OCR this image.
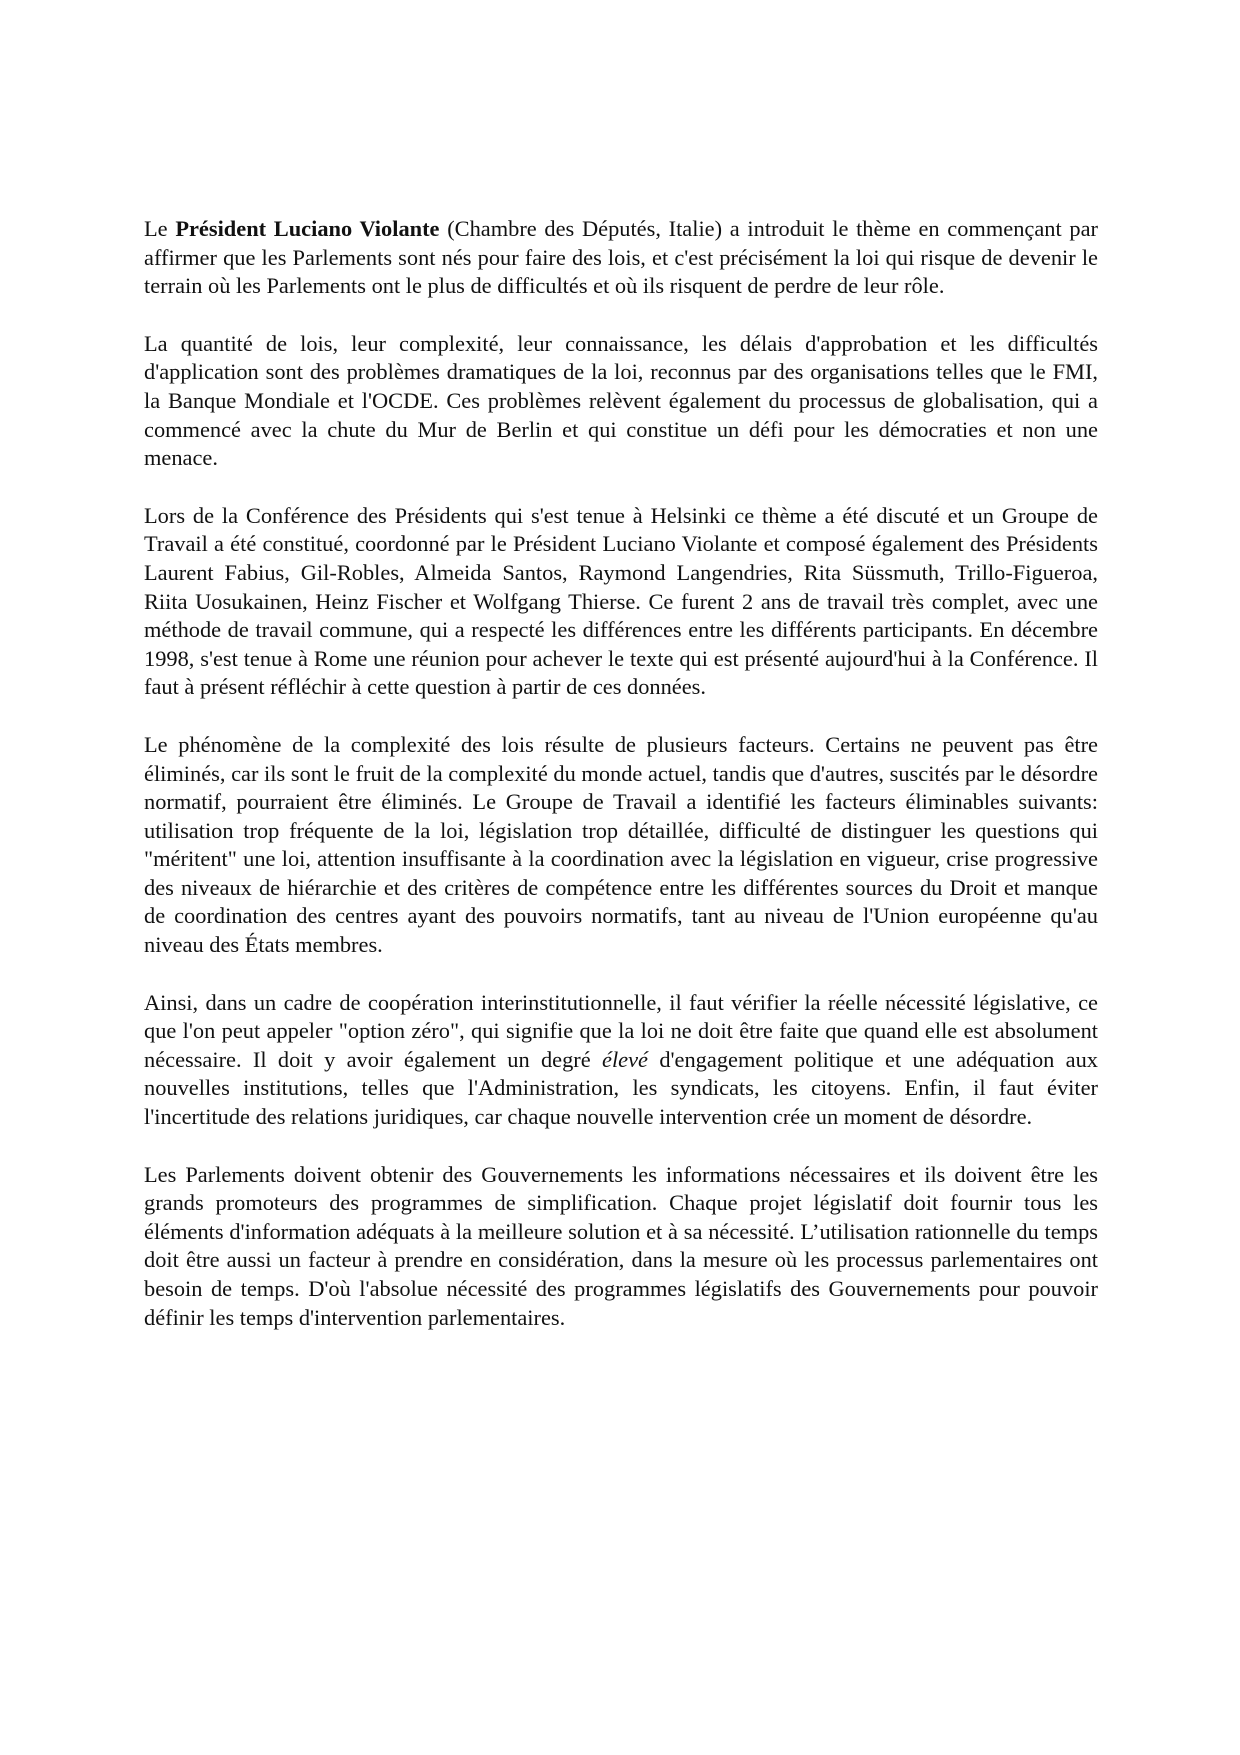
Le Président Luciano Violante (Chambre des Députés, Italie) a introduit le thème en commençant par affirmer que les Parlements sont nés pour faire des lois, et c'est précisément la loi qui risque de devenir le terrain où les Parlements ont le plus de difficultés et où ils risquent de perdre de leur rôle.

La quantité de lois, leur complexité, leur connaissance, les délais d'approbation et les difficultés d'application sont des problèmes dramatiques de la loi, reconnus par des organisations telles que le FMI, la Banque Mondiale et l'OCDE. Ces problèmes relèvent également du processus de globalisation, qui a commencé avec la chute du Mur de Berlin et qui constitue un défi pour les démocraties et non une menace.

Lors de la Conférence des Présidents qui s'est tenue à Helsinki ce thème a été discuté et un Groupe de Travail a été constitué, coordonné par le Président Luciano Violante et composé également des Présidents Laurent Fabius, Gil-Robles, Almeida Santos, Raymond Langendries, Rita Süssmuth, Trillo-Figueroa, Riita Uosukainen, Heinz Fischer et Wolfgang Thierse. Ce furent 2 ans de travail très complet, avec une méthode de travail commune, qui a respecté les différences entre les différents participants. En décembre 1998, s'est tenue à Rome une réunion pour achever le texte qui est présenté aujourd'hui à la Conférence. Il faut à présent réfléchir à cette question à partir de ces données.

Le phénomène de la complexité des lois résulte de plusieurs facteurs. Certains ne peuvent pas être éliminés, car ils sont le fruit de la complexité du monde actuel, tandis que d'autres, suscités par le désordre normatif, pourraient être éliminés. Le Groupe de Travail a identifié les facteurs éliminables suivants: utilisation trop fréquente de la loi, législation trop détaillée, difficulté de distinguer les questions qui "méritent" une loi, attention insuffisante à la coordination avec la législation en vigueur, crise progressive des niveaux de hiérarchie et des critères de compétence entre les différentes sources du Droit et manque de coordination des centres ayant des pouvoirs normatifs, tant au niveau de l'Union européenne qu'au niveau des États membres.

Ainsi, dans un cadre de coopération interinstitutionnelle, il faut vérifier la réelle nécessité législative, ce que l'on peut appeler "option zéro", qui signifie que la loi ne doit être faite que quand elle est absolument nécessaire. Il doit y avoir également un degré élevé d'engagement politique et une adéquation aux nouvelles institutions, telles que l'Administration, les syndicats, les citoyens. Enfin, il faut éviter l'incertitude des relations juridiques, car chaque nouvelle intervention crée un moment de désordre.

Les Parlements doivent obtenir des Gouvernements les informations nécessaires et ils doivent être les grands promoteurs des programmes de simplification. Chaque projet législatif doit fournir tous les éléments d'information adéquats à la meilleure solution et à sa nécessité. L’utilisation rationnelle du temps doit être aussi un facteur à prendre en considération, dans la mesure où les processus parlementaires ont besoin de temps. D'où l'absolue nécessité des programmes législatifs des Gouvernements pour pouvoir définir les temps d'intervention parlementaires.
